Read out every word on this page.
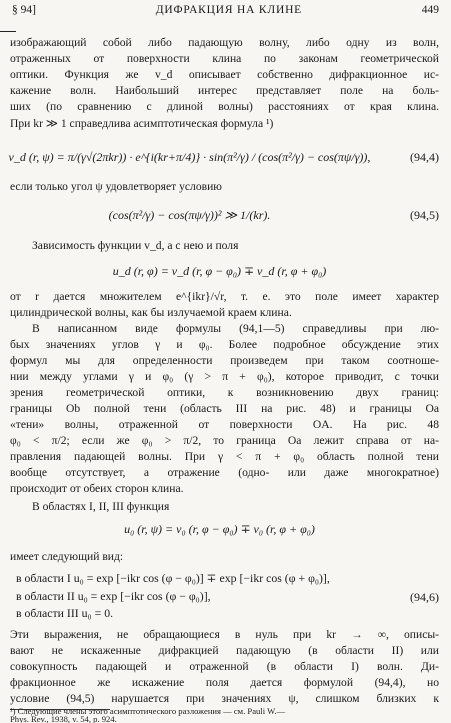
§ 94]	ДИФРАКЦИЯ НА КЛИНЕ	449
изображающий собой либо падающую волну, либо одну из волн,
отраженных от поверхности клина по законам геометрической
оптики. Функция же v_d описывает собственно дифракционное ис-
кажение волн. Наибольший интерес представляет поле на боль-
ших (по сравнению с длиной волны) расстояниях от края клина.
При kr ≫ 1 справедлива асимптотическая формула ¹)
v_d (r, ψ) = π/(γ√(2πkr)) · e^{i(kr+π/4)} · sin(π²/γ) / (cos(π²/γ) − cos(πψ/γ)),	(94,4)
если только угол ψ удовлетворяет условию
(cos(π²/γ) − cos(πψ/γ))² ≫ 1/(kr).	(94,5)
Зависимость функции v_d, а с нею и поля
u_d (r, φ) = v_d (r, φ − φ₀) ∓ v_d (r, φ + φ₀)
от r дается множителем e^{ikr}/√r, т. е. это поле имеет характер
цилиндрической волны, как бы излучаемой краем клина.
В написанном виде формулы (94,1—5) справедливы при лю-
бых значениях углов γ и φ₀. Более подробное обсуждение этих
формул мы для определенности произведем при таком соотноше-
нии между углами γ и φ₀ (γ > π + φ₀), которое приводит, с точки
зрения геометрической оптики, к возникновению двух границ:
границы Ob полной тени (область III на рис. 48) и границы Oa
«тени» волны, отраженной от поверхности OA. На рис. 48
φ₀ < π/2; если же φ₀ > π/2, то граница Oa лежит справа от на-
правления падающей волны. При γ < π + φ₀ область полной тени
вообще отсутствует, а отражение (одно- или даже многократное)
происходит от обеих сторон клина.
В областях I, II, III функция
u₀ (r, ψ) = v₀ (r, φ − φ₀) ∓ v₀ (r, φ + φ₀)
имеет следующий вид:
в области I u₀ = exp [−ikr cos (φ − φ₀)] ∓ exp [−ikr cos (φ + φ₀)],
в области II u₀ = exp [−ikr cos (φ − φ₀)],	(94,6)
в области III u₀ = 0.
Эти выражения, не обращающиеся в нуль при kr → ∞, описы-
вают не искаженные дифракцией падающую (в области II) или
совокупность падающей и отраженной (в области I) волн. Ди-
фракционное же искажение поля дается формулой (94,4), но
условие (94,5) нарушается при значениях ψ, слишком близких к
¹) Следующие члены этого асимптотического разложения — см. Pauli W.—
Phys. Rev., 1938, v. 54, p. 924.
